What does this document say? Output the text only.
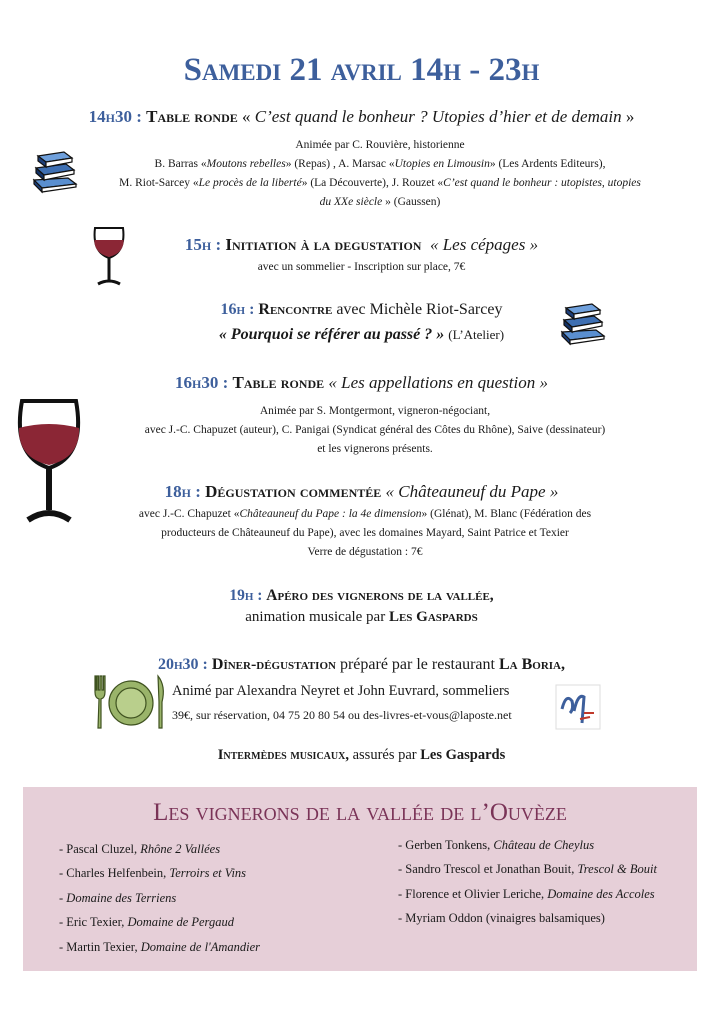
Samedi 21 avril 14h - 23h
14h30 : Table ronde « C’est quand le bonheur ? Utopies d’hier et de demain »
Animée par C. Rouvière, historienne
B. Barras «Moutons rebelles» (Repas) , A. Marsac «Utopies en Limousin» (Les Ardents Editeurs),
M. Riot-Sarcey «Le procès de la liberté» (La Découverte), J. Rouzet «C’est quand le bonheur : utopistes, utopies
du XXe siècle » (Gaussen)
15h : Initiation à la degustation « Les cépages »
avec un sommelier - Inscription sur place, 7€
16h : Rencontre avec Michèle Riot-Sarcey
« Pourquoi se référer au passé ? » (L’Atelier)
16h30 : Table ronde « Les appellations en question »
Animée par S. Montgermont, vigneron-négociant,
avec J.-C. Chapuzet (auteur), C. Panigai (Syndicat général des Côtes du Rhône), Saive (dessinateur)
et les vignerons présents.
18h : Dégustation commentée « Châteauneuf du Pape »
avec J.-C. Chapuzet «Châteauneuf du Pape : la 4e dimension» (Glénat), M. Blanc (Fédération des
producteurs de Châteauneuf du Pape), avec les domaines Mayard, Saint Patrice et Texier
Verre de dégustation : 7€
19h : Apéro des vignerons de la vallée,
animation musicale par Les Gaspards
20h30 : Dîner-dégustation préparé par le restaurant La Boria,
Animé par Alexandra Neyret et John Euvrard, sommeliers
39€, sur réservation, 04 75 20 80 54 ou des-livres-et-vous@laposte.net
Intermèdes musicaux, assurés par Les Gaspards
Les vignerons de la vallée de l’Ouvèze
- Pascal Cluzel, Rhône 2 Vallées
- Charles Helfenbein, Terroirs et Vins
- Domaine des Terriens
- Eric Texier, Domaine de Pergaud
- Martin Texier, Domaine de l'Amandier
- Gerben Tonkens, Château de Cheylus
- Sandro Trescol et Jonathan Bouit, Trescol & Bouit
- Florence et Olivier Leriche, Domaine des Accoles
- Myriam Oddon (vinaigres balsamiques)
